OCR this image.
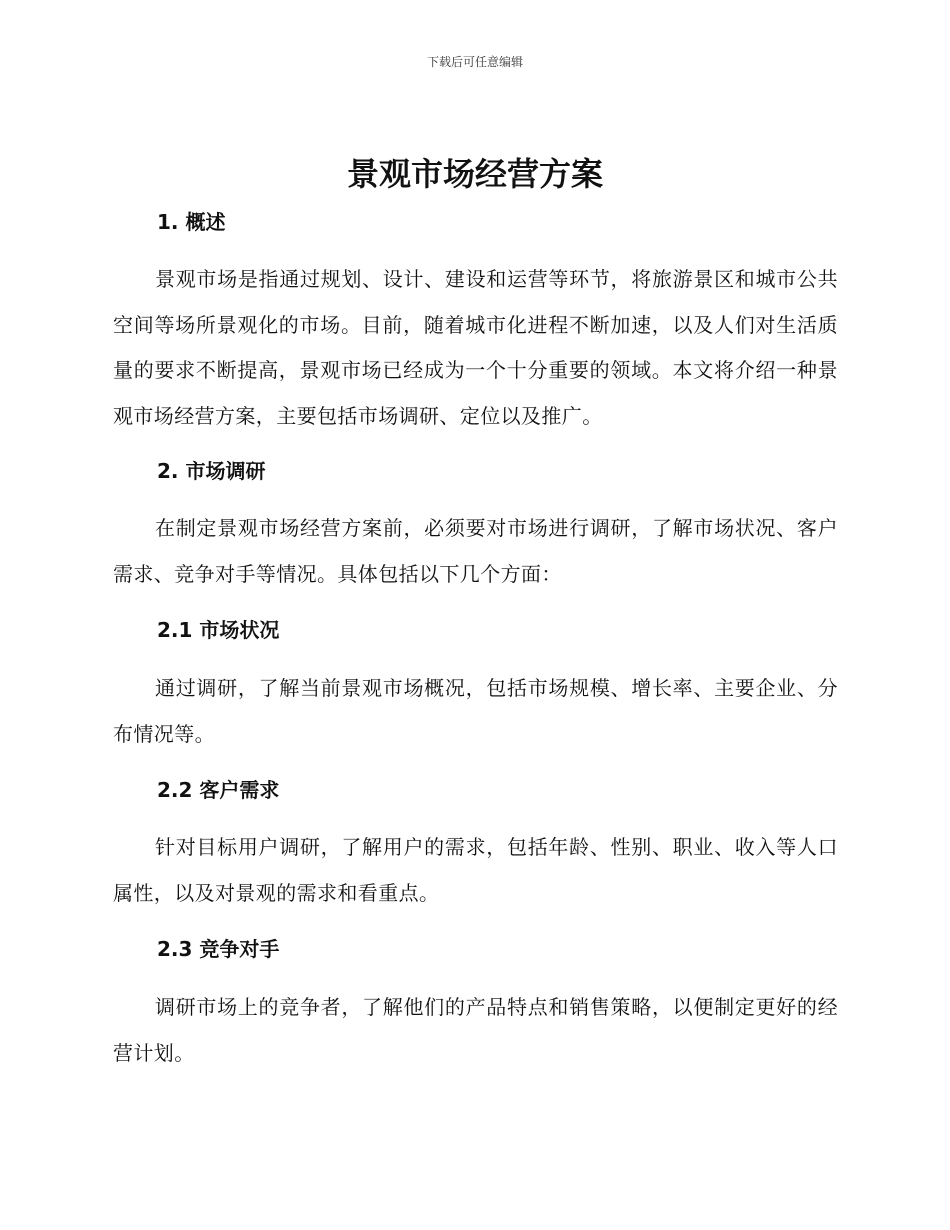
下载后可任意编辑
景观市场经营方案
1. 概述

景观市场是指通过规划、设计、建设和运营等环节，将旅游景区和城市公共空间等场所景观化的市场。目前，随着城市化进程不断加速，以及人们对生活质量的要求不断提高，景观市场已经成为一个十分重要的领域。本文将介绍一种景观市场经营方案，主要包括市场调研、定位以及推广。

2. 市场调研

在制定景观市场经营方案前，必须要对市场进行调研，了解市场状况、客户需求、竞争对手等情况。具体包括以下几个方面：

2.1 市场状况

通过调研，了解当前景观市场概况，包括市场规模、增长率、主要企业、分布情况等。

2.2 客户需求

针对目标用户调研，了解用户的需求，包括年龄、性别、职业、收入等人口属性，以及对景观的需求和看重点。

2.3 竞争对手

调研市场上的竞争者，了解他们的产品特点和销售策略，以便制定更好的经营计划。
